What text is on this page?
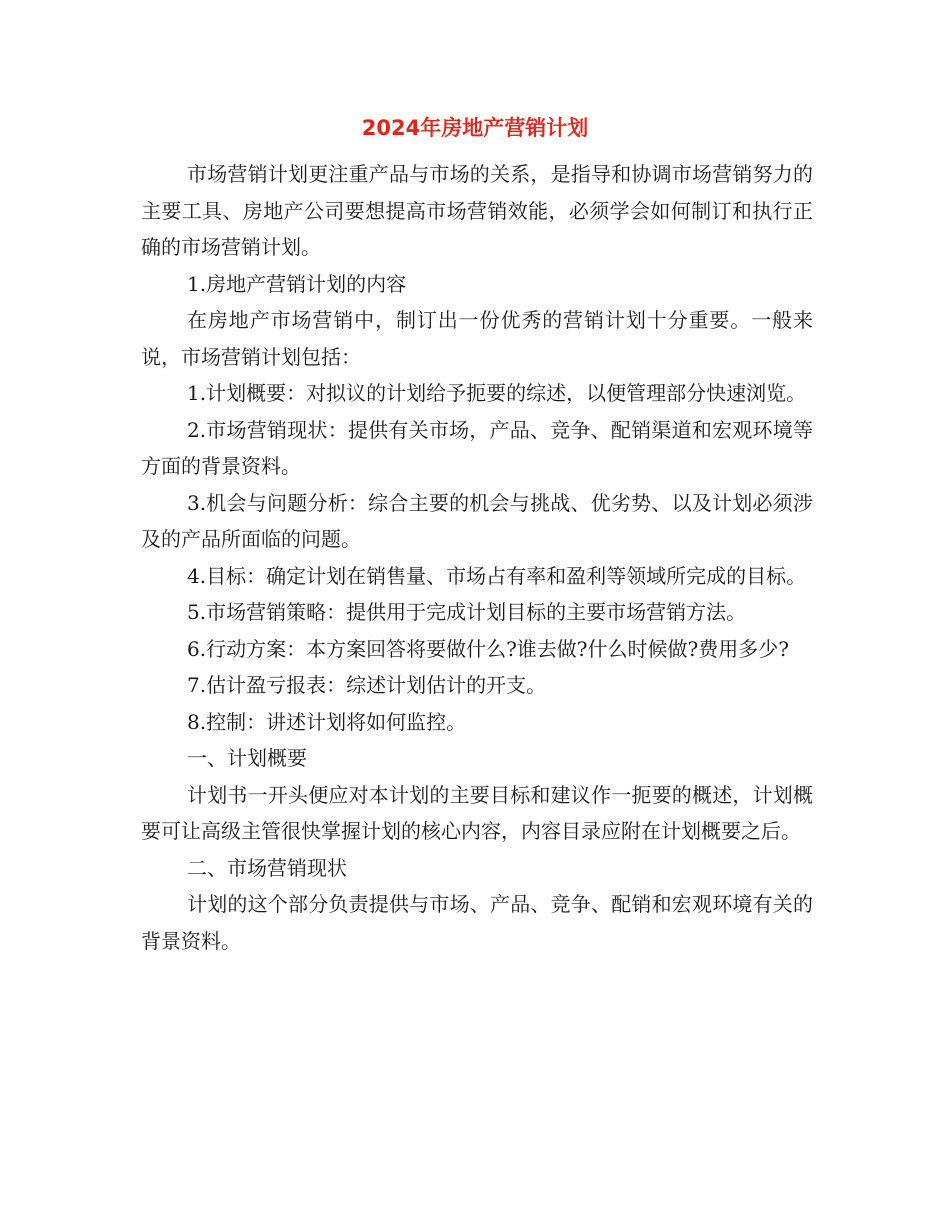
2024年房地产营销计划

市场营销计划更注重产品与市场的关系，是指导和协调市场营销努力的主要工具、房地产公司要想提高市场营销效能，必须学会如何制订和执行正确的市场营销计划。

1.房地产营销计划的内容

在房地产市场营销中，制订出一份优秀的营销计划十分重要。一般来说，市场营销计划包括：

1.计划概要：对拟议的计划给予扼要的综述，以便管理部分快速浏览。

2.市场营销现状：提供有关市场，产品、竞争、配销渠道和宏观环境等方面的背景资料。

3.机会与问题分析：综合主要的机会与挑战、优劣势、以及计划必须涉及的产品所面临的问题。

4.目标：确定计划在销售量、市场占有率和盈利等领域所完成的目标。

5.市场营销策略：提供用于完成计划目标的主要市场营销方法。

6.行动方案：本方案回答将要做什么?谁去做?什么时候做?费用多少?

7.估计盈亏报表：综述计划估计的开支。

8.控制：讲述计划将如何监控。

一、计划概要

计划书一开头便应对本计划的主要目标和建议作一扼要的概述，计划概要可让高级主管很快掌握计划的核心内容，内容目录应附在计划概要之后。

二、市场营销现状

计划的这个部分负责提供与市场、产品、竞争、配销和宏观环境有关的背景资料。
